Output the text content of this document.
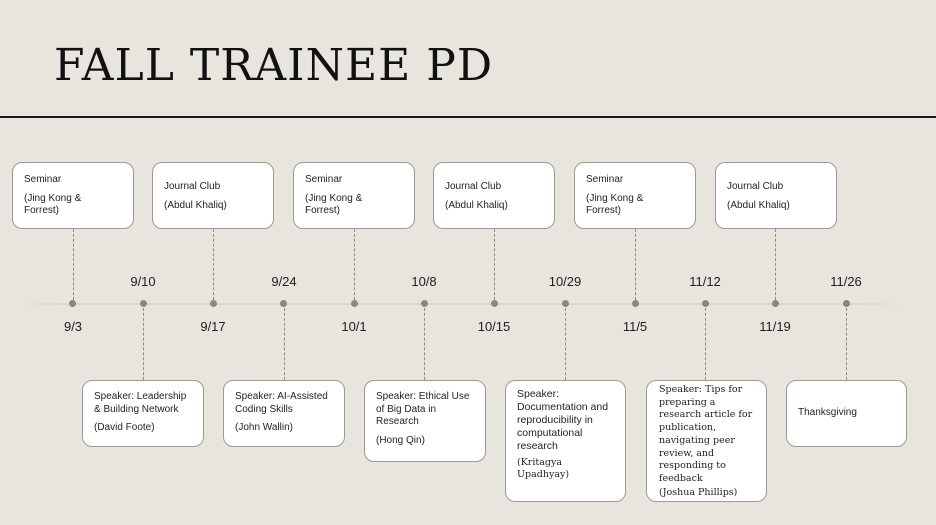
FALL TRAINEE PD
9/10	9/24	10/8	10/29	11/12	11/26
9/3	9/17	10/1	10/15	11/5	11/19
Seminar
(Jing Kong & Forrest)
Journal Club
(Abdul Khaliq)
Seminar
(Jing Kong & Forrest)
Journal Club
(Abdul Khaliq)
Seminar
(Jing Kong & Forrest)
Journal Club
(Abdul Khaliq)
Speaker: Leadership & Building Network
(David Foote)
Speaker: AI-Assisted Coding Skills
(John Wallin)
Speaker: Ethical Use of Big Data in Research
(Hong Qin)
Speaker: Documentation and reproducibility in computational research
(Kritagya Upadhyay)
Speaker: Tips for preparing a research article for publication, navigating peer review, and responding to feedback
(Joshua Phillips)
Thanksgiving
